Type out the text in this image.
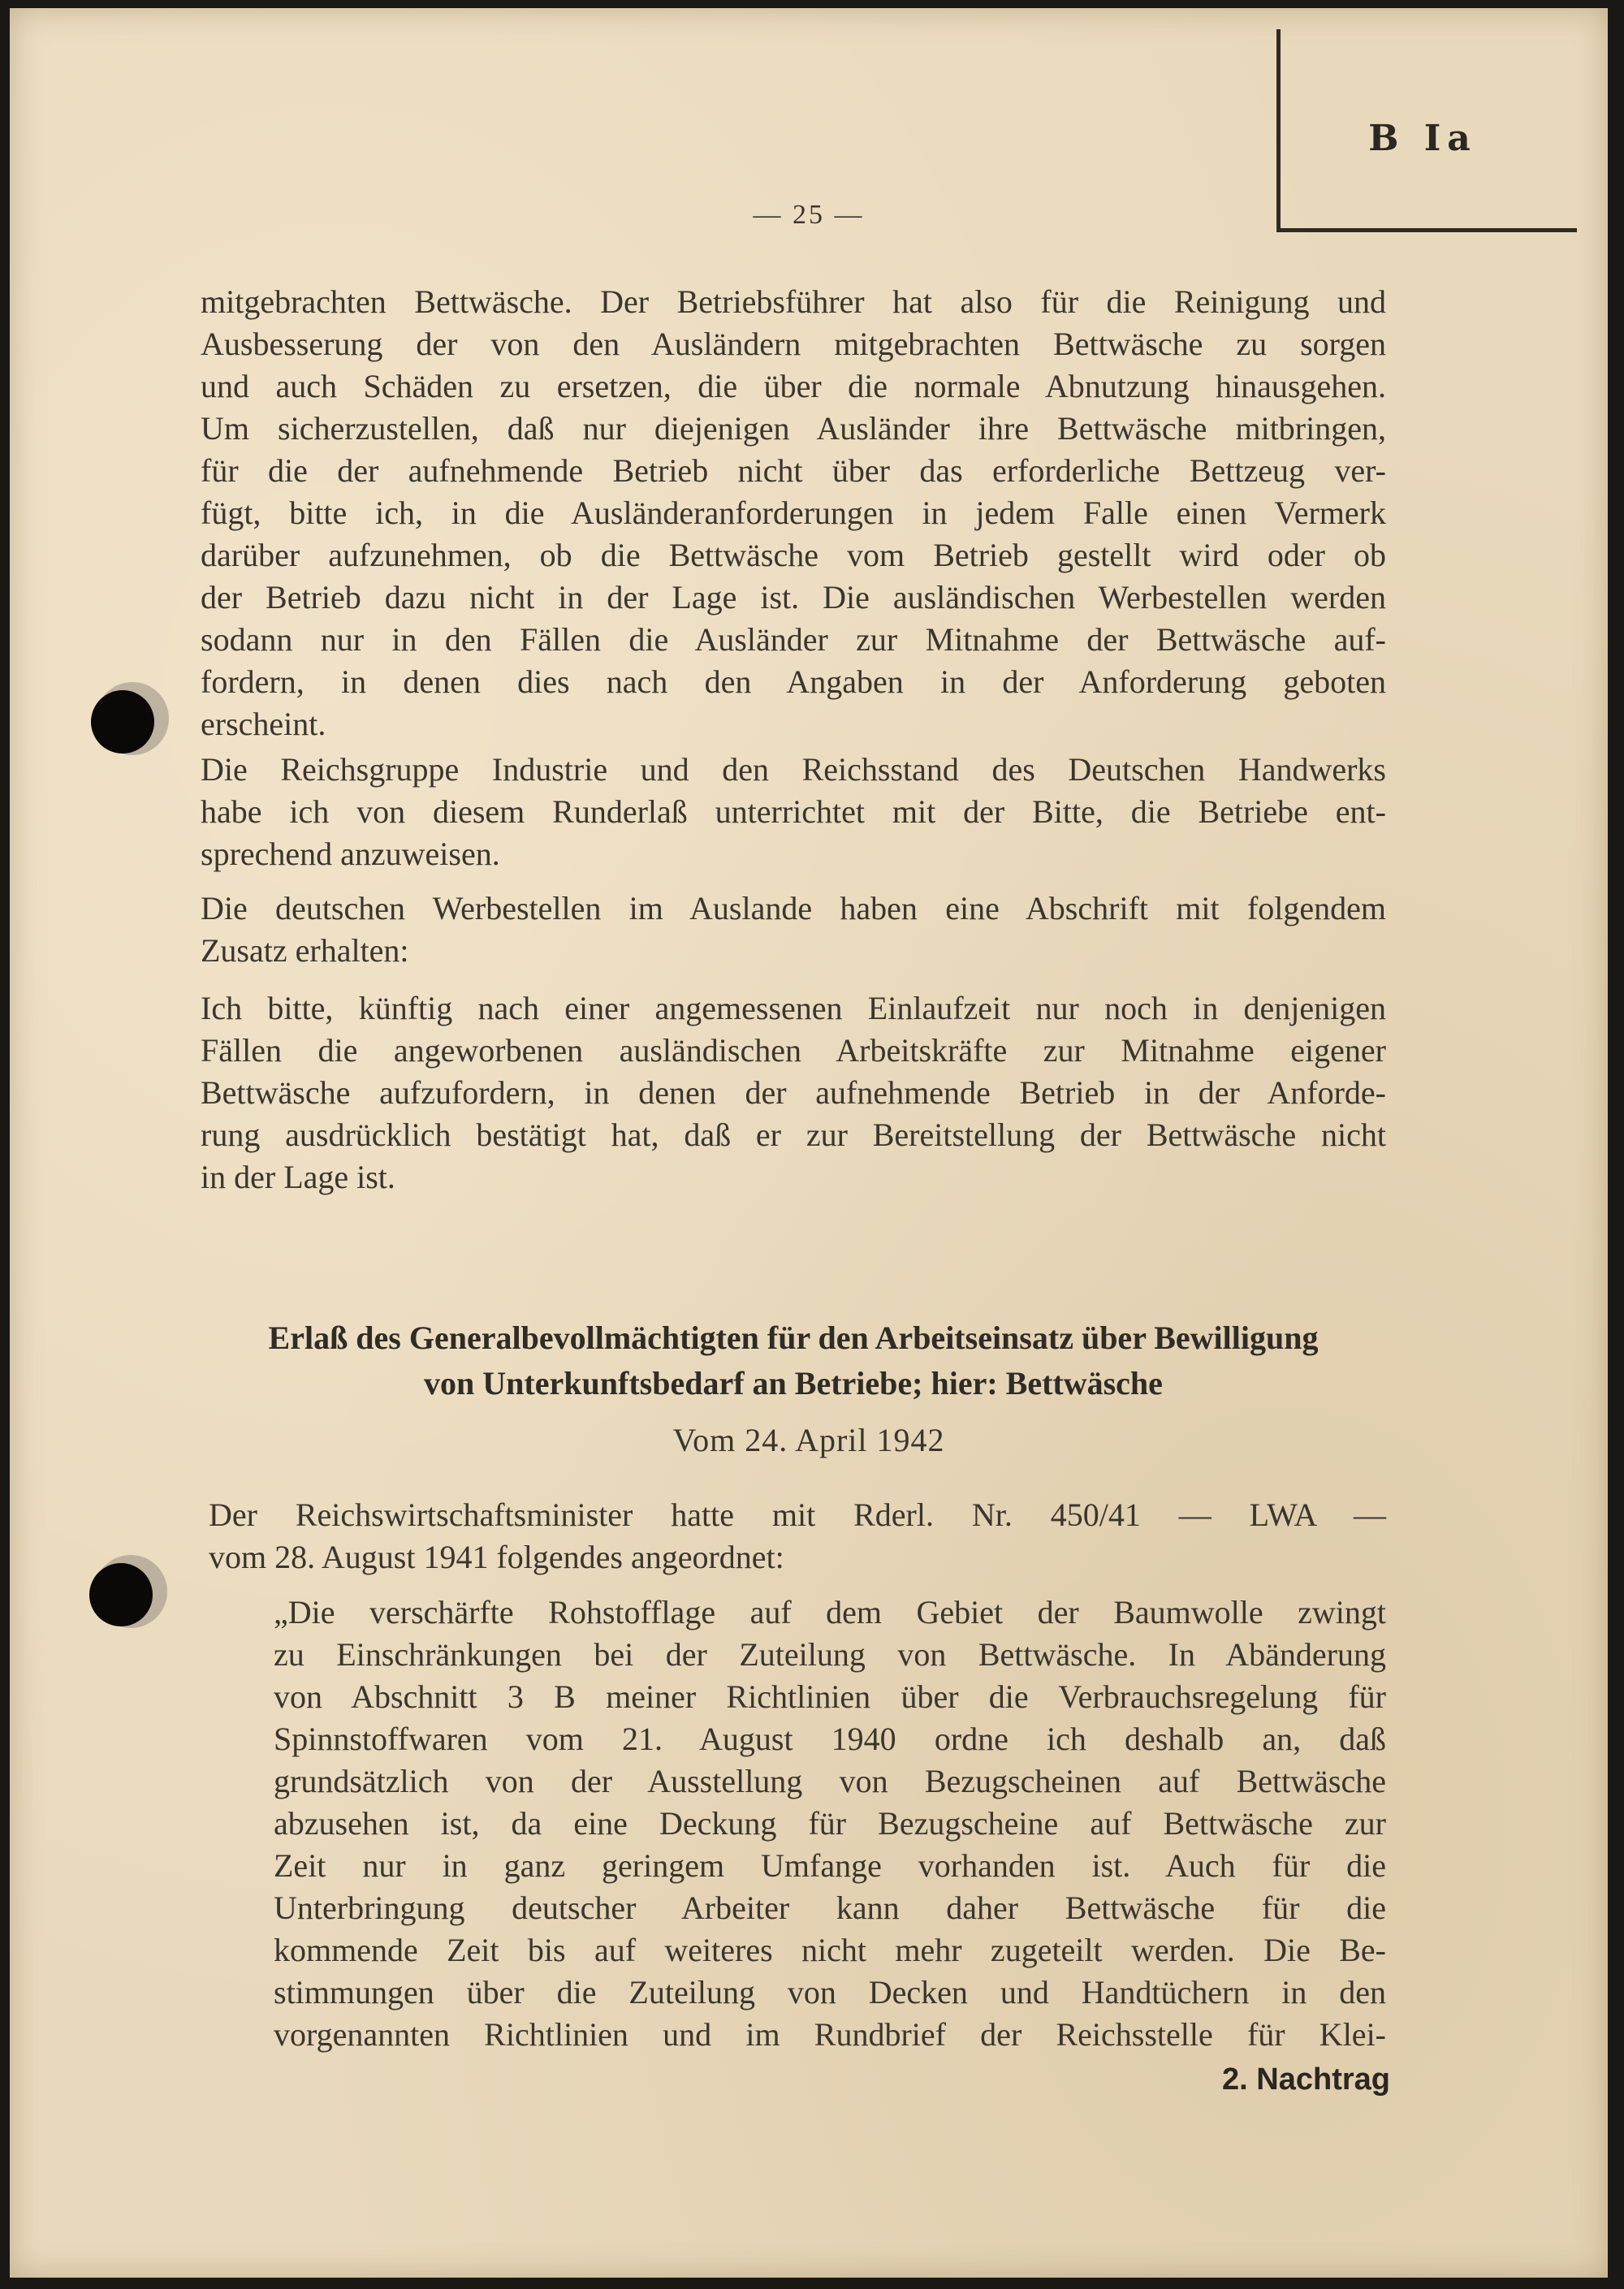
B Ia
— 25 —

mitgebrachten Bettwäsche. Der Betriebsführer hat also für die Reinigung und
Ausbesserung der von den Ausländern mitgebrachten Bettwäsche zu sorgen
und auch Schäden zu ersetzen, die über die normale Abnutzung hinausgehen.
Um sicherzustellen, daß nur diejenigen Ausländer ihre Bettwäsche mitbringen,
für die der aufnehmende Betrieb nicht über das erforderliche Bettzeug ver-
fügt, bitte ich, in die Ausländeranforderungen in jedem Falle einen Vermerk
darüber aufzunehmen, ob die Bettwäsche vom Betrieb gestellt wird oder ob
der Betrieb dazu nicht in der Lage ist. Die ausländischen Werbestellen werden
sodann nur in den Fällen die Ausländer zur Mitnahme der Bettwäsche auf-
fordern, in denen dies nach den Angaben in der Anforderung geboten
erscheint.

Die Reichsgruppe Industrie und den Reichsstand des Deutschen Handwerks
habe ich von diesem Runderlaß unterrichtet mit der Bitte, die Betriebe ent-
sprechend anzuweisen.

Die deutschen Werbestellen im Auslande haben eine Abschrift mit folgendem
Zusatz erhalten:

Ich bitte, künftig nach einer angemessenen Einlaufzeit nur noch in denjenigen
Fällen die angeworbenen ausländischen Arbeitskräfte zur Mitnahme eigener
Bettwäsche aufzufordern, in denen der aufnehmende Betrieb in der Anforde-
rung ausdrücklich bestätigt hat, daß er zur Bereitstellung der Bettwäsche nicht
in der Lage ist.

Erlaß des Generalbevollmächtigten für den Arbeitseinsatz über Bewilligung
von Unterkunftsbedarf an Betriebe; hier: Bettwäsche
Vom 24. April 1942

Der Reichswirtschaftsminister hatte mit Rderl. Nr. 450/41 — LWA —
vom 28. August 1941 folgendes angeordnet:

„Die verschärfte Rohstofflage auf dem Gebiet der Baumwolle zwingt
zu Einschränkungen bei der Zuteilung von Bettwäsche. In Abänderung
von Abschnitt 3 B meiner Richtlinien über die Verbrauchsregelung für
Spinnstoffwaren vom 21. August 1940 ordne ich deshalb an, daß
grundsätzlich von der Ausstellung von Bezugscheinen auf Bettwäsche
abzusehen ist, da eine Deckung für Bezugscheine auf Bettwäsche zur
Zeit nur in ganz geringem Umfange vorhanden ist. Auch für die
Unterbringung deutscher Arbeiter kann daher Bettwäsche für die
kommende Zeit bis auf weiteres nicht mehr zugeteilt werden. Die Be-
stimmungen über die Zuteilung von Decken und Handtüchern in den
vorgenannten Richtlinien und im Rundbrief der Reichsstelle für Klei-

2. Nachtrag
